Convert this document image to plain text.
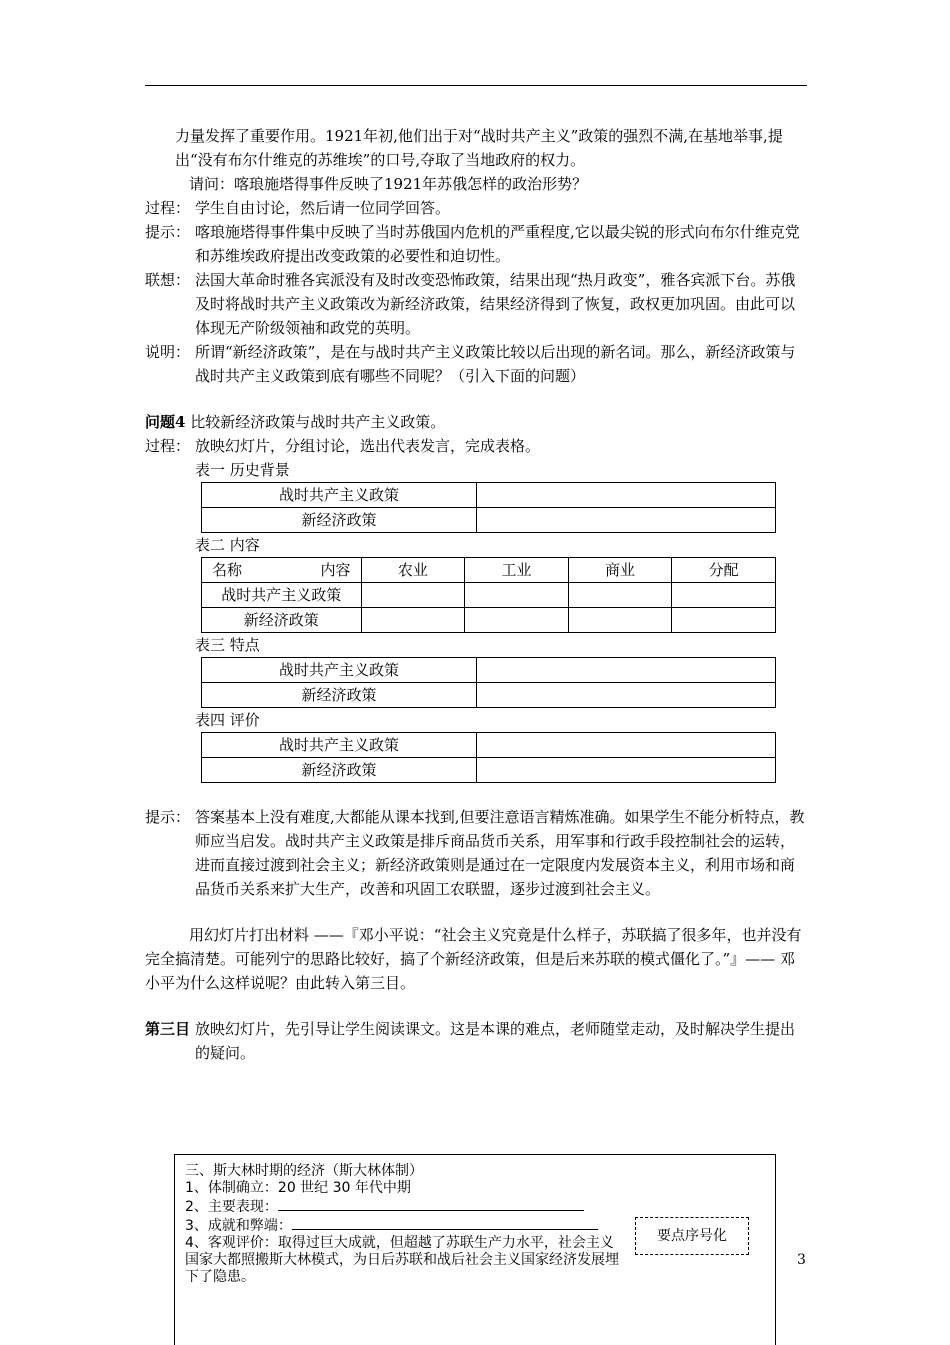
力量发挥了重要作用。1921年初,他们出于对“战时共产主义”政策的强烈不满,在基地举事,提出“没有布尔什维克的苏维埃”的口号,夺取了当地政府的权力。

请问：喀琅施塔得事件反映了1921年苏俄怎样的政治形势？

过程： 学生自由讨论，然后请一位同学回答。
提示： 喀琅施塔得事件集中反映了当时苏俄国内危机的严重程度,它以最尖锐的形式向布尔什维克党和苏维埃政府提出改变政策的必要性和迫切性。
联想： 法国大革命时雅各宾派没有及时改变恐怖政策，结果出现“热月政变”，雅各宾派下台。苏俄及时将战时共产主义政策改为新经济政策，结果经济得到了恢复，政权更加巩固。由此可以体现无产阶级领袖和政党的英明。
说明： 所谓“新经济政策”，是在与战时共产主义政策比较以后出现的新名词。那么，新经济政策与战时共产主义政策到底有哪些不同呢？（引入下面的问题）

问题4 比较新经济政策与战时共产主义政策。

过程： 放映幻灯片，分组讨论，选出代表发言，完成表格。

表一 历史背景

战时共产主义政策	
新经济政策	

表二 内容

名称 内容	农业	工业	商业	分配
战时共产主义政策				
新经济政策				

表三 特点

战时共产主义政策	
新经济政策	

表四 评价

战时共产主义政策	
新经济政策	
提示： 答案基本上没有难度,大都能从课本找到,但要注意语言精炼准确。如果学生不能分析特点，教师应当启发。战时共产主义政策是排斥商品货币关系，用军事和行政手段控制社会的运转，进而直接过渡到社会主义；新经济政策则是通过在一定限度内发展资本主义，利用市场和商品货币关系来扩大生产，改善和巩固工农联盟，逐步过渡到社会主义。

用幻灯片打出材料 ——『邓小平说：“社会主义究竟是什么样子，苏联搞了很多年，也并没有完全搞清楚。可能列宁的思路比较好，搞了个新经济政策，但是后来苏联的模式僵化了。”』—— 邓小平为什么这样说呢？由此转入第三目。

第三目 放映幻灯片，先引导让学生阅读课文。这是本课的难点，老师随堂走动，及时解决学生提出的疑问。
三、斯大林时期的经济（斯大林体制）
1、体制确立：20 世纪 30 年代中期
2、主要表现：
3、成就和弊端：
4、客观评价：取得过巨大成就，但超越了苏联生产力水平，社会主义国家大都照搬斯大林模式，为日后苏联和战后社会主义国家经济发展埋下了隐患。
要点序号化
3
